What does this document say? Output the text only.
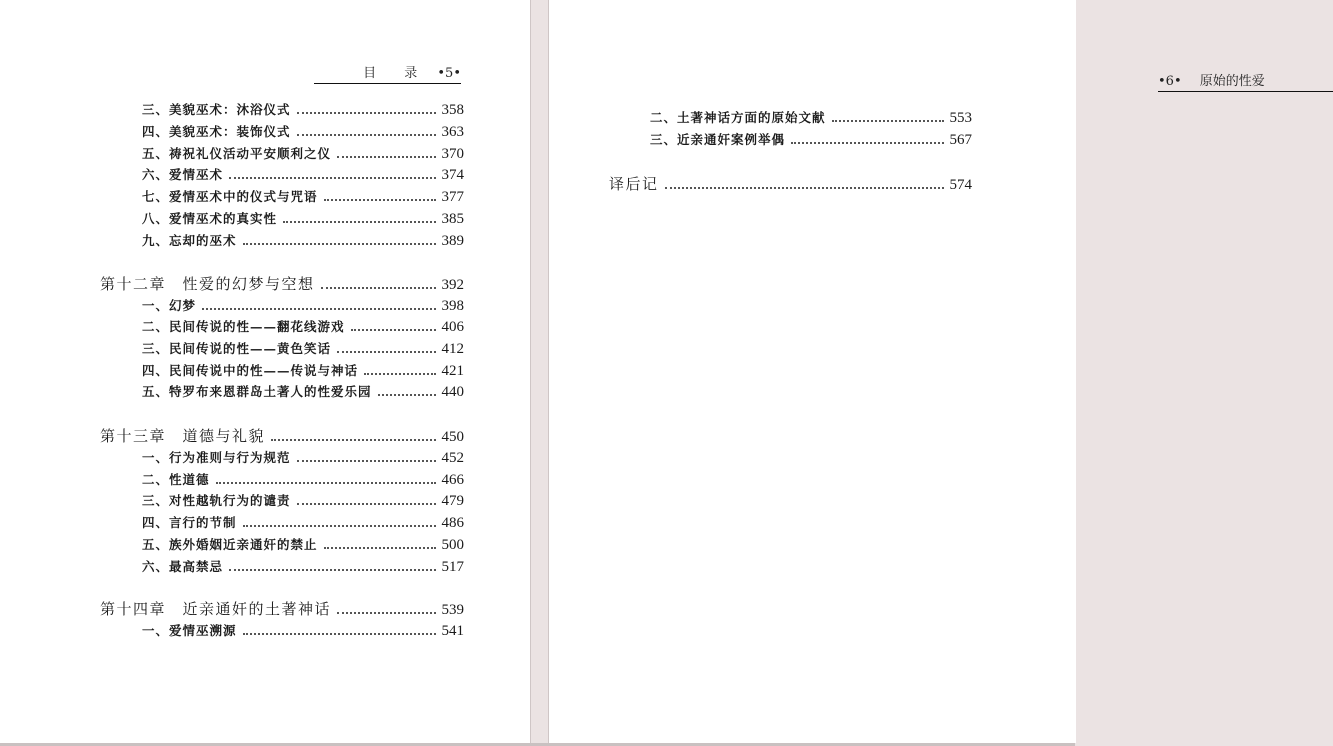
目 录 •5•
三、美貌巫术：沐浴仪式	358
四、美貌巫术：装饰仪式	363
五、祷祝礼仪活动平安顺利之仪	370
六、爱情巫术	374
七、爱情巫术中的仪式与咒语	377
八、爱情巫术的真实性	385
九、忘却的巫术	389
第十二章　性爱的幻梦与空想	392
一、幻梦	398
二、民间传说的性——翻花线游戏	406
三、民间传说的性——黄色笑话	412
四、民间传说中的性——传说与神话	421
五、特罗布来恩群岛土著人的性爱乐园	440
第十三章　道德与礼貌	450
一、行为准则与行为规范	452
二、性道德	466
三、对性越轨行为的谴责	479
四、言行的节制	486
五、族外婚姻近亲通奸的禁止	500
六、最高禁忌	517
第十四章　近亲通奸的土著神话	539
一、爱情巫溯源	541
•6• 原始的性爱
二、土著神话方面的原始文献	553
三、近亲通奸案例举偶	567
译后记	574
